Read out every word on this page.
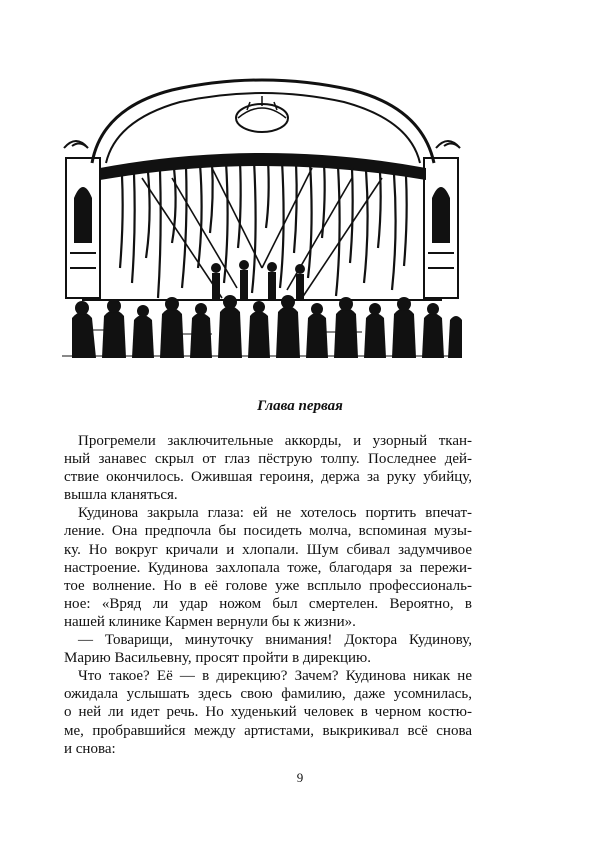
Глава первая
Прогремели заключительные аккорды, и узорный ткан-
ный занавес скрыл от глаз пёструю толпу. Последнее дей-
ствие окончилось. Ожившая героиня, держа за руку убийцу,
вышла кланяться.
Кудинова закрыла глаза: ей не хотелось портить впечат-
ление. Она предпочла бы посидеть молча, вспоминая музы-
ку. Но вокруг кричали и хлопали. Шум сбивал задумчивое
настроение. Кудинова захлопала тоже, благодаря за пережи-
тое волнение. Но в её голове уже всплыло профессиональ-
ное: «Вряд ли удар ножом был смертелен. Вероятно, в
нашей клинике Кармен вернули бы к жизни».
— Товарищи, минуточку внимания! Доктора Кудинову,
Марию Васильевну, просят пройти в дирекцию.
Что такое? Её — в дирекцию? Зачем? Кудинова никак не
ожидала услышать здесь свою фамилию, даже усомнилась,
о ней ли идет речь. Но худенький человек в черном костю-
ме, пробравшийся между артистами, выкрикивал всё снова
и снова:
9
